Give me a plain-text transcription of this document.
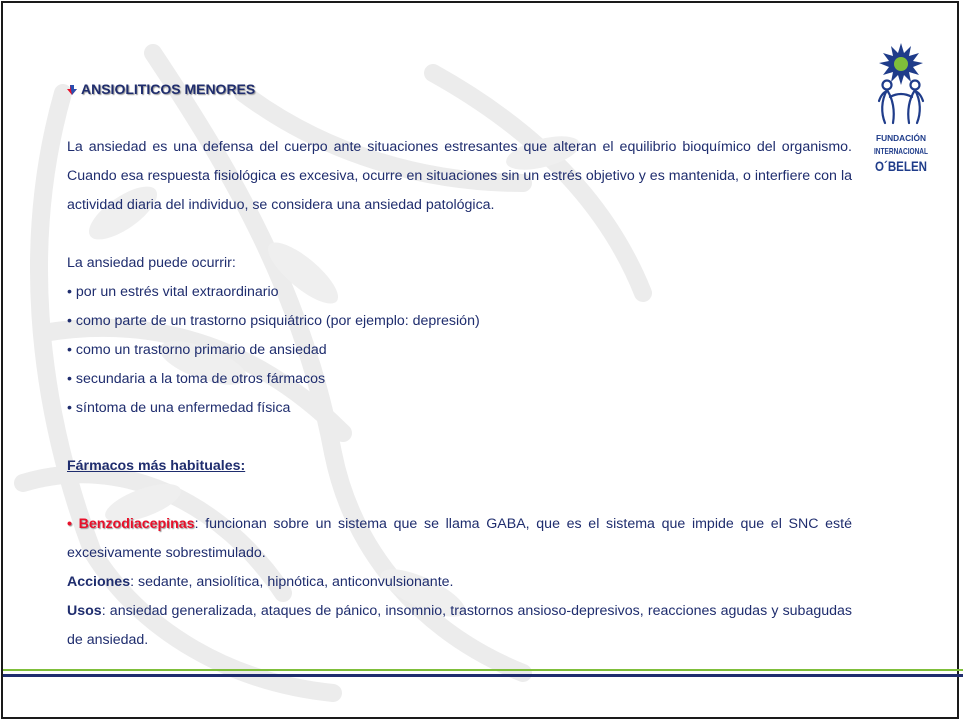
ANSIOLITICOS MENORES

La ansiedad es una defensa del cuerpo ante situaciones estresantes que alteran el equilibrio bioquímico del organismo. Cuando esa respuesta fisiológica es excesiva, ocurre en situaciones sin un estrés objetivo y es mantenida, o interfiere con la actividad diaria del individuo, se considera una ansiedad patológica.

La ansiedad puede ocurrir:

• por un estrés vital extraordinario

• como parte de un trastorno psiquiátrico (por ejemplo: depresión)

• como un trastorno primario de ansiedad

• secundaria a la toma de otros fármacos

• síntoma de una enfermedad física

Fármacos más habituales:

• Benzodiacepinas: funcionan sobre un sistema que se llama GABA, que es el sistema que impide que el SNC esté excesivamente sobrestimulado.

Acciones: sedante, ansiolítica, hipnótica, anticonvulsionante.

Usos: ansiedad generalizada, ataques de pánico, insomnio, trastornos ansioso-depresivos, reacciones agudas y subagudas de ansiedad.

FUNDACIÓN
INTERNACIONAL
O´BELEN
